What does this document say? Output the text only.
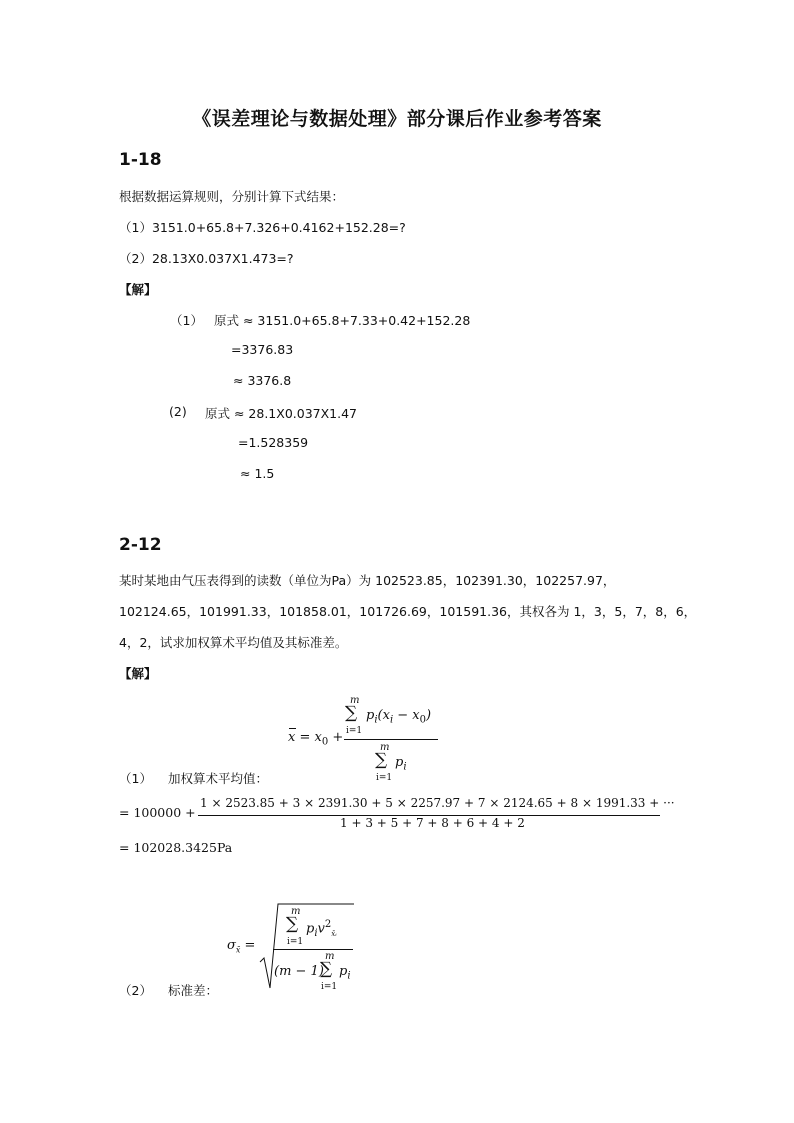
《误差理论与数据处理》部分课后作业参考答案
1-18
根据数据运算规则，分别计算下式结果：
（1）3151.0+65.8+7.326+0.4162+152.28=?
（2）28.13X0.037X1.473=?
【解】
（1） 原式 ≈ 3151.0+65.8+7.33+0.42+152.28
=3376.83
≈ 3376.8
(2) 原式 ≈ 28.1X0.037X1.47
=1.528359
≈ 1.5
2-12
某时某地由气压表得到的读数（单位为Pa）为 102523.85，102391.30，102257.97，
102124.65，101991.33，101858.01，101726.69，101591.36，其权各为 1，3，5，7，8，6，
4，2，试求加权算术平均值及其标准差。
【解】
$x = x_0$ +
m
∑
i=1
$p_i(x_i - x_0)$
m
∑
i=1
$p_i$
（1） 加权算术平均值：
= 100000 +
1 × 2523.85 + 3 × 2391.30 + 5 × 2257.97 + 7 × 2124.65 + 8 × 1991.33 + ···
1 + 3 + 5 + 7 + 8 + 6 + 4 + 2
= 102028.3425Pa
$\sigma_{x̄}$ =
m
∑
i=1
$p_iv^2_{x̄ᵢ}$
(m − 1)
m
∑
i=1
$p_i$
（2） 标准差：
